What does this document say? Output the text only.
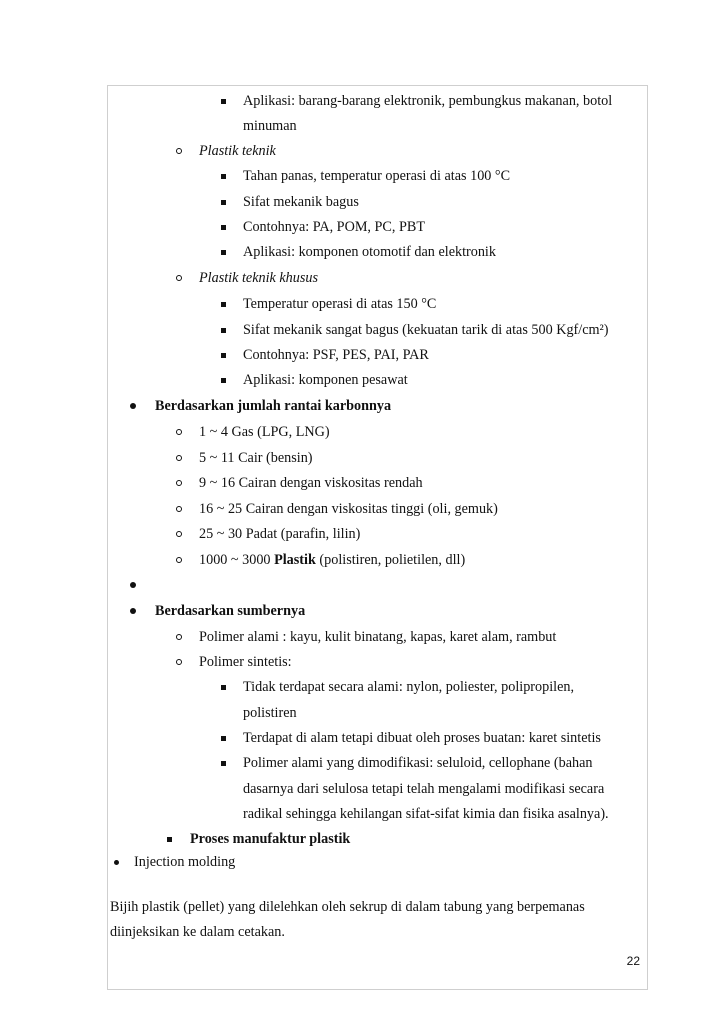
Aplikasi: barang-barang elektronik, pembungkus makanan, botol
minuman
Plastik teknik
Tahan panas, temperatur operasi di atas 100 °C
Sifat mekanik bagus
Contohnya: PA, POM, PC, PBT
Aplikasi: komponen otomotif dan elektronik
Plastik teknik khusus
Temperatur operasi di atas 150 °C
Sifat mekanik sangat bagus (kekuatan tarik di atas 500 Kgf/cm²)
Contohnya: PSF, PES, PAI, PAR
Aplikasi: komponen pesawat
Berdasarkan jumlah rantai karbonnya
1 ~ 4 Gas (LPG, LNG)
5 ~ 11 Cair (bensin)
9 ~ 16 Cairan dengan viskositas rendah
16 ~ 25 Cairan dengan viskositas tinggi (oli, gemuk)
25 ~ 30 Padat (parafin, lilin)
1000 ~ 3000 Plastik (polistiren, polietilen, dll)
Berdasarkan sumbernya
Polimer alami : kayu, kulit binatang, kapas, karet alam, rambut
Polimer sintetis:
Tidak terdapat secara alami: nylon, poliester, polipropilen,
polistiren
Terdapat di alam tetapi dibuat oleh proses buatan: karet sintetis
Polimer alami yang dimodifikasi: seluloid, cellophane (bahan
dasarnya dari selulosa tetapi telah mengalami modifikasi secara
radikal sehingga kehilangan sifat-sifat kimia dan fisika asalnya).
Proses manufaktur plastik
Injection molding
Bijih plastik (pellet) yang dilelehkan oleh sekrup di dalam tabung yang berpemanas
diinjeksikan ke dalam cetakan.
22
